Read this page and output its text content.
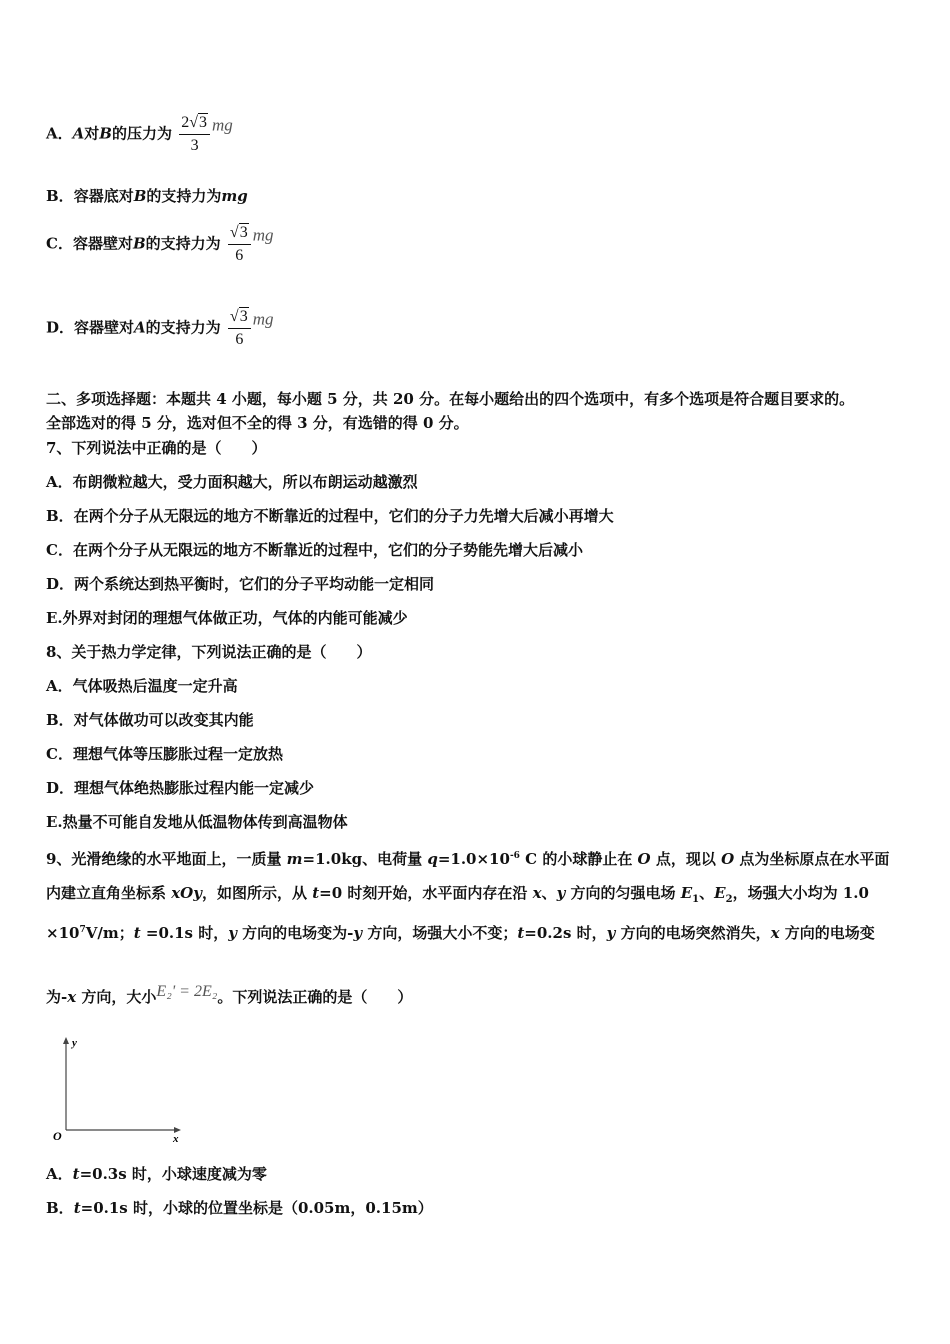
A．A对B的压力为 $\frac{2√3}{3}$ mg
B．容器底对B的支持力为mg
C．容器壁对B的支持力为 $\frac{√3}{6}$ mg
D．容器壁对A的支持力为 $\frac{√3}{6}$ mg
二、多项选择题：本题共 4 小题，每小题 5 分，共 20 分。在每小题给出的四个选项中，有多个选项是符合题目要求的。
全部选对的得 5 分，选对但不全的得 3 分，有选错的得 0 分。
7、下列说法中正确的是（　　）
A．布朗微粒越大，受力面积越大，所以布朗运动越激烈
B．在两个分子从无限远的地方不断靠近的过程中，它们的分子力先增大后减小再增大
C．在两个分子从无限远的地方不断靠近的过程中，它们的分子势能先增大后减小
D．两个系统达到热平衡时，它们的分子平均动能一定相同
E.外界对封闭的理想气体做正功，气体的内能可能减少
8、关于热力学定律，下列说法正确的是（　　）
A．气体吸热后温度一定升高
B．对气体做功可以改变其内能
C．理想气体等压膨胀过程一定放热
D．理想气体绝热膨胀过程内能一定减少
E.热量不可能自发地从低温物体传到高温物体
9、光滑绝缘的水平地面上，一质量 m=1.0kg、电荷量 $q=1.0\times 10^{-6}$ C 的小球静止在 O 点，现以 O 点为坐标原点在水平面
内建立直角坐标系 xOy，如图所示，从 t=0 时刻开始，水平面内存在沿 x、y 方向的匀强电场 $E_1$、$E_2$，场强大小均为 1.0
$\times 10^7V/m$；t =0.1s 时，y 方向的电场变为-y 方向，场强大小不变；t=0.2s 时，y 方向的电场突然消失，x 方向的电场变
为-x 方向，大小E₂' = 2E₂。下列说法正确的是（　　）
y
x
O
A．t=0.3s 时，小球速度减为零
B．t=0.1s 时，小球的位置坐标是（0.05m，0.15m）
